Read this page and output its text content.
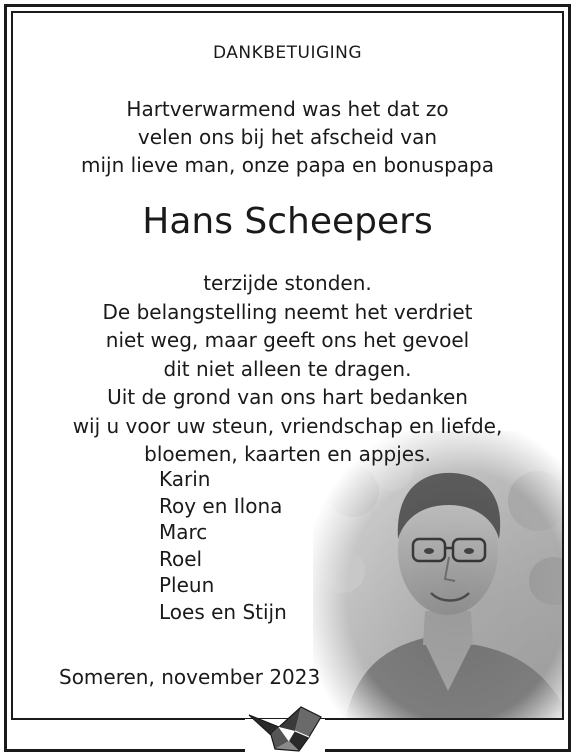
DANKBETUIGING
Hartverwarmend was het dat zo
velen ons bij het afscheid van
mijn lieve man, onze papa en bonuspapa
Hans Scheepers
terzijde stonden.
De belangstelling neemt het verdriet
niet weg, maar geeft ons het gevoel
dit niet alleen te dragen.
Uit de grond van ons hart bedanken
wij u voor uw steun, vriendschap en liefde,
bloemen, kaarten en appjes.
Karin
Roy en Ilona
Marc
Roel
Pleun
Loes en Stijn
Someren, november 2023
